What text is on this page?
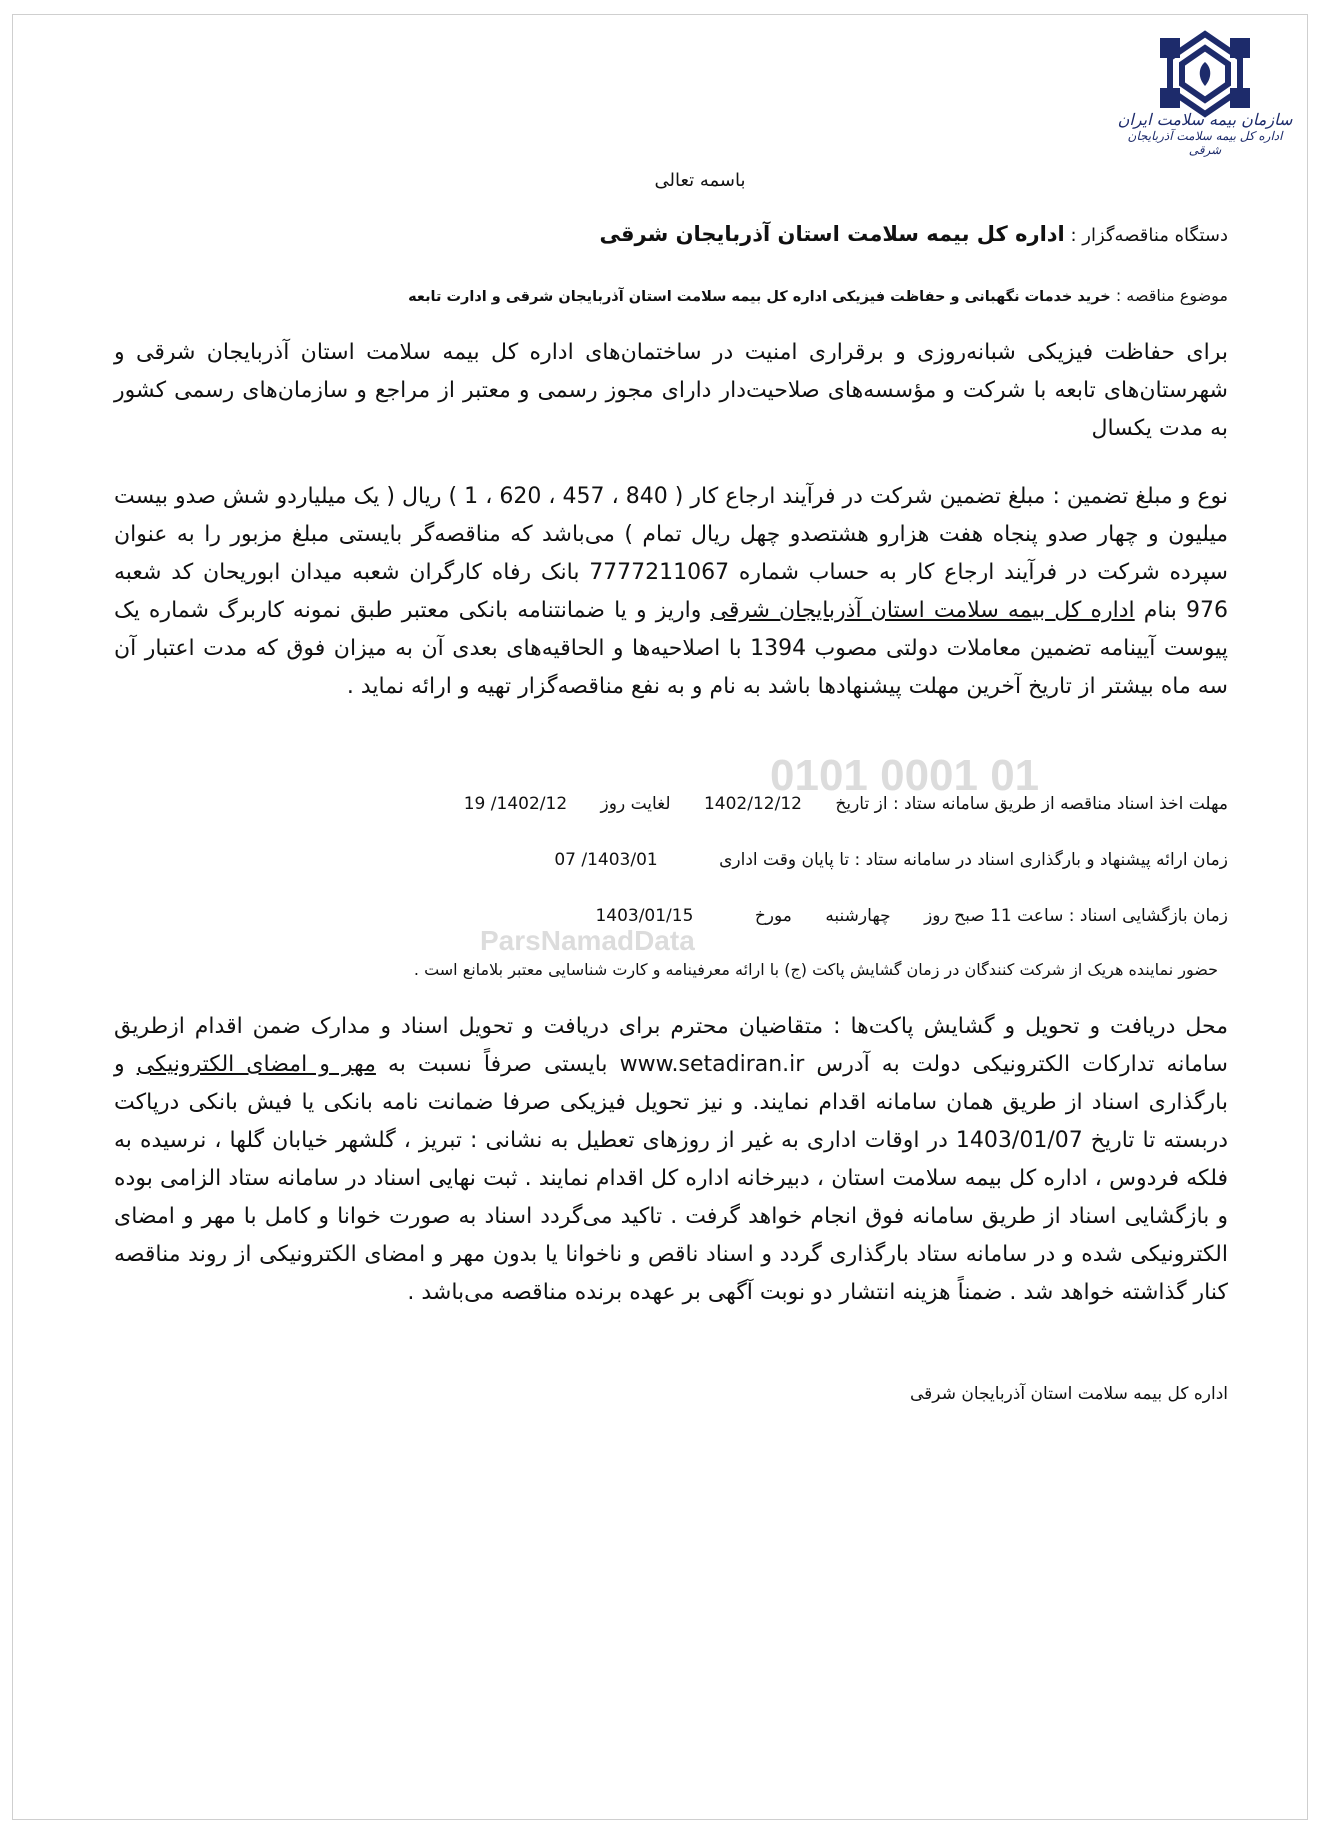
سازمان بیمه سلامت ایران
اداره کل بیمه سلامت آذربایجان شرقی
باسمه تعالی
دستگاه مناقصه‌گزار : اداره کل بیمه سلامت استان آذربایجان شرقی
موضوع مناقصه : خرید خدمات نگهبانی و حفاظت فیزیکی اداره کل بیمه سلامت استان آذربایجان شرقی و ادارت تابعه
برای حفاظت فیزیکی شبانه‌روزی و برقراری امنیت در ساختمان‌های اداره کل بیمه سلامت استان آذربایجان شرقی و شهرستان‌های تابعه با شرکت و مؤسسه‌های صلاحیت‌دار دارای مجوز رسمی و معتبر از مراجع و سازمان‌های رسمی کشور به مدت یکسال
نوع و مبلغ تضمین : مبلغ تضمین شرکت در فرآیند ارجاع کار ( 840 ، 457 ، 620 ، 1 ) ریال ( یک میلیاردو شش صدو بیست میلیون و چهار صدو پنجاه هفت هزارو هشتصدو چهل ریال تمام ) می‌باشد که مناقصه‌گر بایستی مبلغ مزبور را به عنوان سپرده شرکت در فرآیند ارجاع کار به حساب شماره 7777211067 بانک رفاه کارگران شعبه میدان ابوریحان کد شعبه 976 بنام اداره کل بیمه سلامت استان آذربایجان شرقی واریز و یا ضمانتنامه بانکی معتبر طبق نمونه کاربرگ شماره یک پیوست آیینامه تضمین معاملات دولتی مصوب 1394 با اصلاحیه‌ها و الحاقیه‌های بعدی آن به میزان فوق که مدت اعتبار آن سه ماه بیشتر از تاریخ آخرین مهلت پیشنهادها باشد به نام و به نفع مناقصه‌گزار تهیه و ارائه نماید .
0101 0001 01
ParsNamadData
مهلت اخذ اسناد مناقصه از طریق سامانه ستاد : از تاریخ 1402/12/12 لغایت روز 1402/12/ 19
زمان ارائه پیشنهاد و بارگذاری اسناد در سامانه ستاد : تا پایان وقت اداری 1403/01/ 07
زمان بازگشایی اسناد : ساعت 11 صبح روز چهارشنبه مورخ 1403/01/15
حضور نماینده هریک از شرکت کنندگان در زمان گشایش پاکت (ج) با ارائه معرفینامه و کارت شناسایی معتبر بلامانع است .
محل دریافت و تحویل و گشایش پاکت‌ها : متقاضیان محترم برای دریافت و تحویل اسناد و مدارک ضمن اقدام ازطریق سامانه تدارکات الکترونیکی دولت به آدرس www.setadiran.ir بایستی صرفاً نسبت به مهر و امضای الکترونیکی و بارگذاری اسناد از طریق همان سامانه اقدام نمایند. و نیز تحویل فیزیکی صرفا ضمانت نامه بانکی یا فیش بانکی درپاکت دربسته تا تاریخ 1403/01/07 در اوقات اداری به غیر از روزهای تعطیل به نشانی : تبریز ، گلشهر خیابان گلها ، نرسیده به فلکه فردوس ، اداره کل بیمه سلامت استان ، دبیرخانه اداره کل اقدام نمایند . ثبت نهایی اسناد در سامانه ستاد الزامی بوده و بازگشایی اسناد از طریق سامانه فوق انجام خواهد گرفت . تاکید می‌گردد اسناد به صورت خوانا و کامل با مهر و امضای الکترونیکی شده و در سامانه ستاد بارگذاری گردد و اسناد ناقص و ناخوانا یا بدون مهر و امضای الکترونیکی از روند مناقصه کنار گذاشته خواهد شد . ضمناً هزینه انتشار دو نوبت آگهی بر عهده برنده مناقصه می‌باشد .
اداره کل بیمه سلامت استان آذربایجان شرقی
